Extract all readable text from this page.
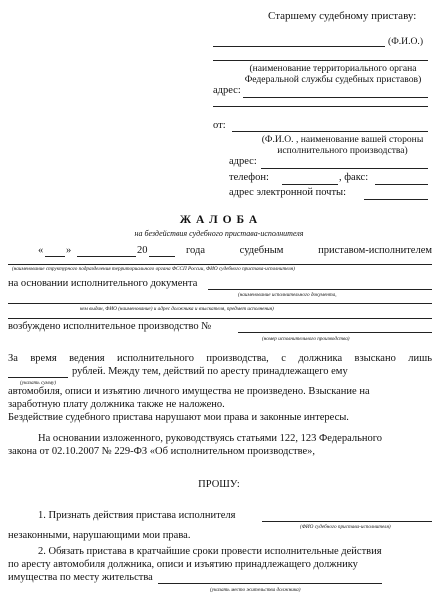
Старшему судебному приставу:
(Ф.И.О.)
(наименование территориального органа
Федеральной службы судебных приставов)
адрес:
от:
(Ф.И.О. , наименование вашей стороны
исполнительного производства)
адрес:
телефон:	, факс:
адрес электронной почты:
Ж А Л О Б А
на бездействия судебного пристава-исполнителя
« »	20	года судебным приставом-исполнителем
(наименование структурного подразделения территориального органа ФССП России, ФИО судебного пристава-исполнителя)
на основании исполнительного документа
(наименование исполнительного документа,
кем выдан, ФИО (наименование) и адрес должника и взыскателя, предмет исполнения)
возбуждено исполнительное производство №
(номер исполнительного производства)
За время ведения исполнительного производства, с должника взыскано лишь
рублей. Между тем, действий по аресту принадлежащего ему
(указать сумму)
автомобиля, описи и изъятию личного имущества не произведено. Взыскание на
заработную плату должника также не наложено.
Бездействие судебного пристава нарушают мои права и законные интересы.
На основании изложенного, руководствуясь статьями 122, 123 Федерального
закона от 02.10.2007 № 229-ФЗ «Об исполнительном производстве»,
ПРОШУ:
1. Признать действия пристава исполнителя
(ФИО судебного пристава-исполнителя)
незаконными, нарушающими мои права.
2. Обязать пристава в кратчайшие сроки провести исполнительные действия
по аресту автомобиля должника, описи и изъятию принадлежащего должнику
имущества по месту жительства
(указать место жительства должника)
